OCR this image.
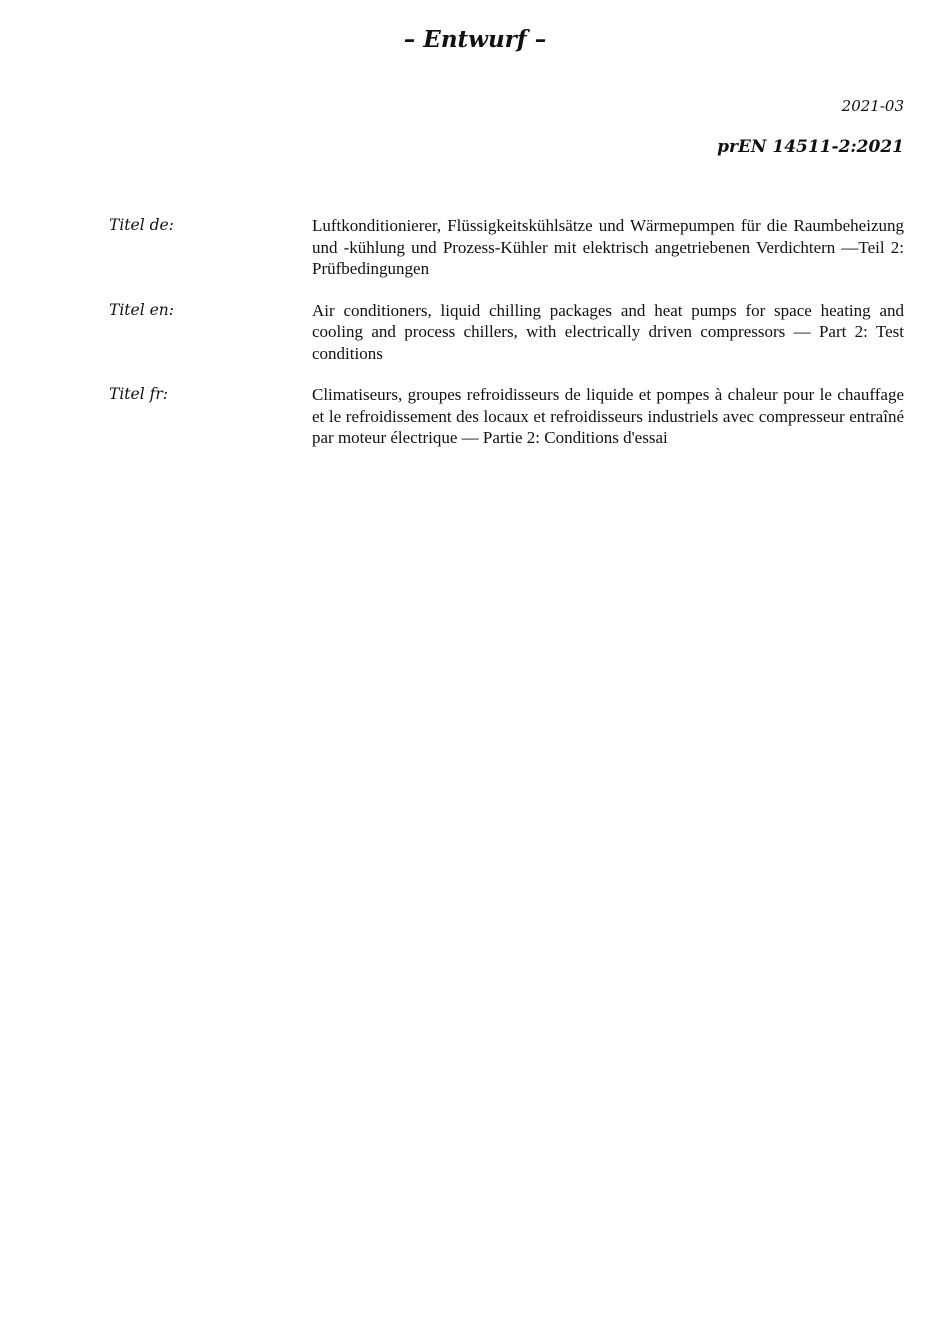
– Entwurf –
2021-03
prEN 14511-2:2021
Titel de:	Luftkonditionierer, Flüssigkeitskühlsätze und Wärmepumpen für die Raumbeheizung und -kühlung und Prozess-Kühler mit elektrisch angetriebenen Verdichtern —Teil 2: Prüfbedingungen
Titel en:	Air conditioners, liquid chilling packages and heat pumps for space heating and cooling and process chillers, with electrically driven compressors — Part 2: Test conditions
Titel fr:	Climatiseurs, groupes refroidisseurs de liquide et pompes à chaleur pour le chauffage et le refroidissement des locaux et refroidisseurs industriels avec compresseur entraîné par moteur électrique — Partie 2: Conditions d'essai
